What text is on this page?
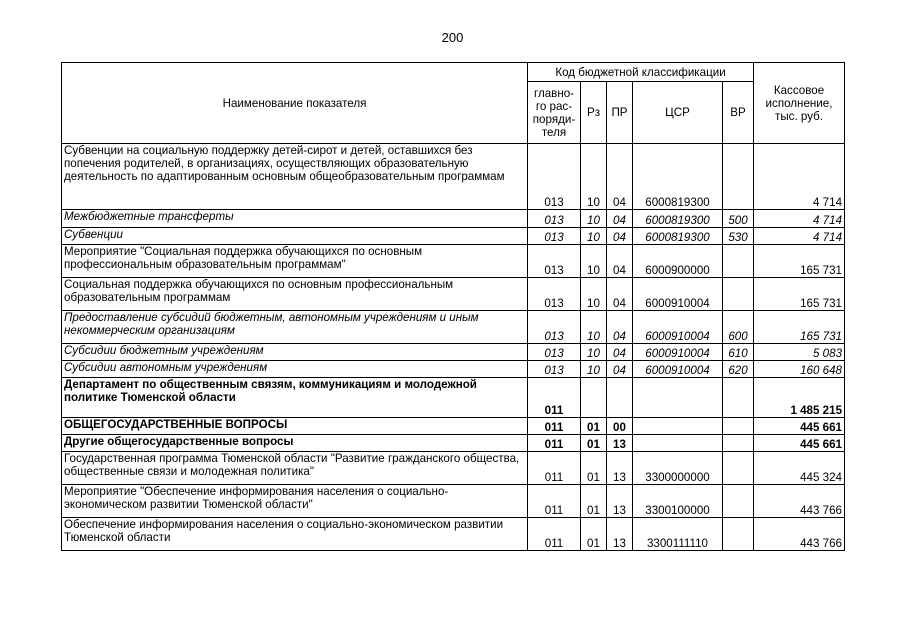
200
Наименование показателя	Код бюджетной классификации					Кассовое
исполнение,
тыс. руб.

	главно-
го рас-
поряди-
теля	Рз	ПР	ЦСР	ВР	
Субвенции на социальную поддержку детей-сирот и детей, оставшихся без попечения родителей, в организациях, осуществляющих образовательную деятельность по адаптированным основным общеобразовательным программам	013	10	04	6000819300		4 714
Межбюджетные трансферты	013	10	04	6000819300	500	4 714
Субвенции	013	10	04	6000819300	530	4 714
Мероприятие "Социальная поддержка обучающихся по основным профессиональным образовательным программам"	013	10	04	6000900000		165 731
Социальная поддержка обучающихся по основным профессиональным образовательным программам	013	10	04	6000910004		165 731
Предоставление субсидий бюджетным, автономным учреждениям и иным некоммерческим организациям	013	10	04	6000910004	600	165 731
Субсидии бюджетным учреждениям	013	10	04	6000910004	610	5 083
Субсидии автономным учреждениям	013	10	04	6000910004	620	160 648
Департамент по общественным связям, коммуникациям и молодежной политике Тюменской области	011					1 485 215
ОБЩЕГОСУДАРСТВЕННЫЕ ВОПРОСЫ	011	01	00			445 661
Другие общегосударственные вопросы	011	01	13			445 661
Государственная программа Тюменской области "Развитие гражданского общества, общественные связи и молодежная политика"	011	01	13	3300000000		445 324
Мероприятие "Обеспечение информирования населения о социально-экономическом развитии Тюменской области"	011	01	13	3300100000		443 766
Обеспечение информирования населения о социально-экономическом развитии Тюменской области	011	01	13	3300111110		443 766
